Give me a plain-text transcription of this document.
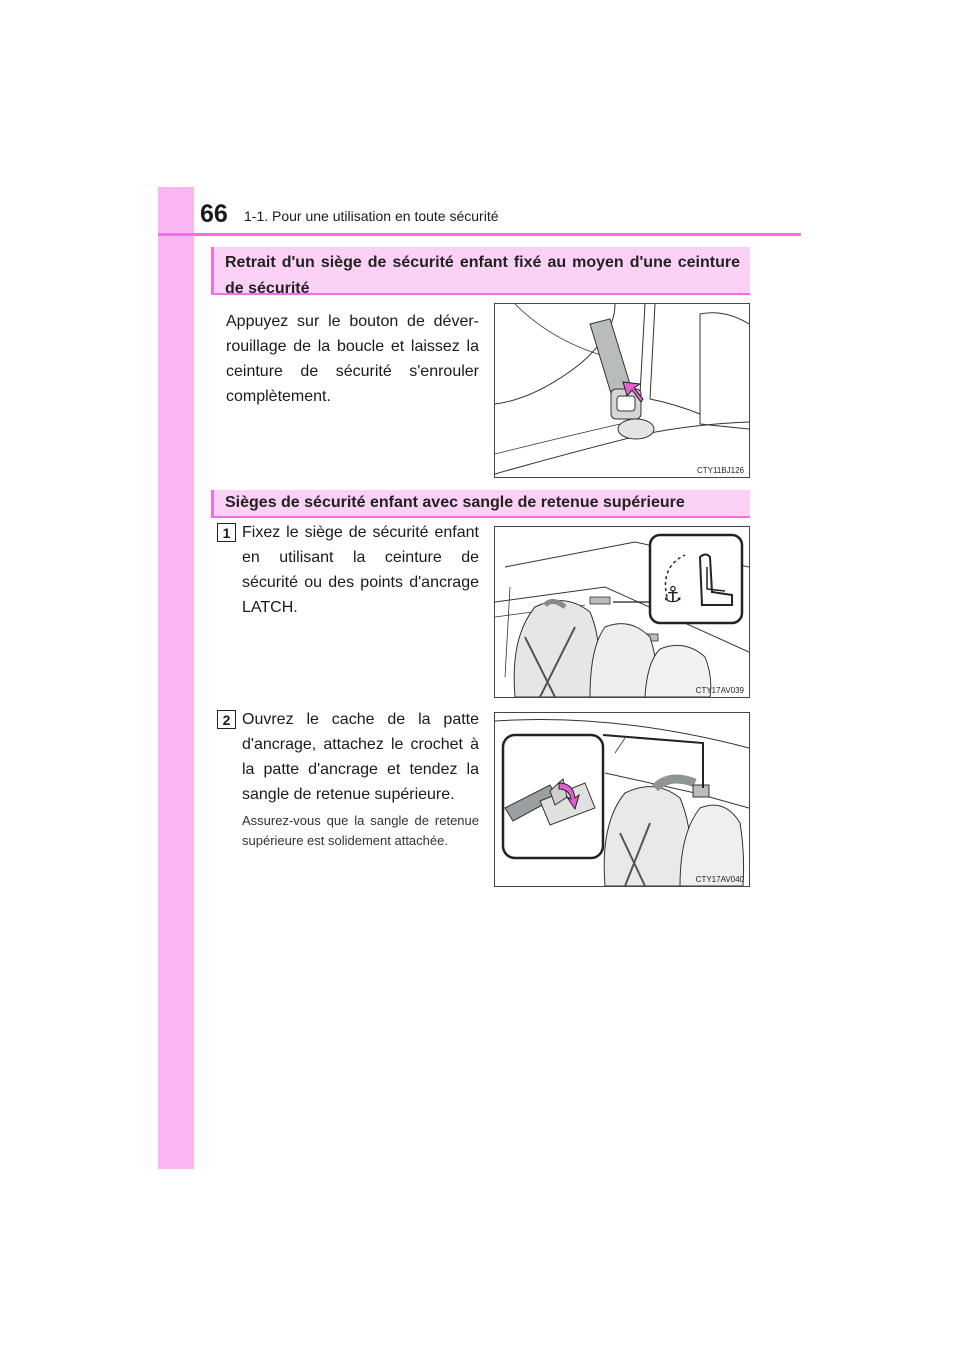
66 1-1. Pour une utilisation en toute sécurité
Retrait d'un siège de sécurité enfant fixé au moyen d'une ceinture de sécurité
Appuyez sur le bouton de déver-rouillage de la boucle et laissez la ceinture de sécurité s'enrouler complètement.
CTY11BJ126
Sièges de sécurité enfant avec sangle de retenue supérieure
1 Fixez le siège de sécurité enfant en utilisant la ceinture de sécurité ou des points d'ancrage LATCH.	⚓
CTY17AV039
2 Ouvrez le cache de la patte d'ancrage, attachez le crochet à la patte d'ancrage et tendez la sangle de retenue supérieure.
Assurez-vous que la sangle de retenue supérieure est solidement attachée.
CTY17AV040
